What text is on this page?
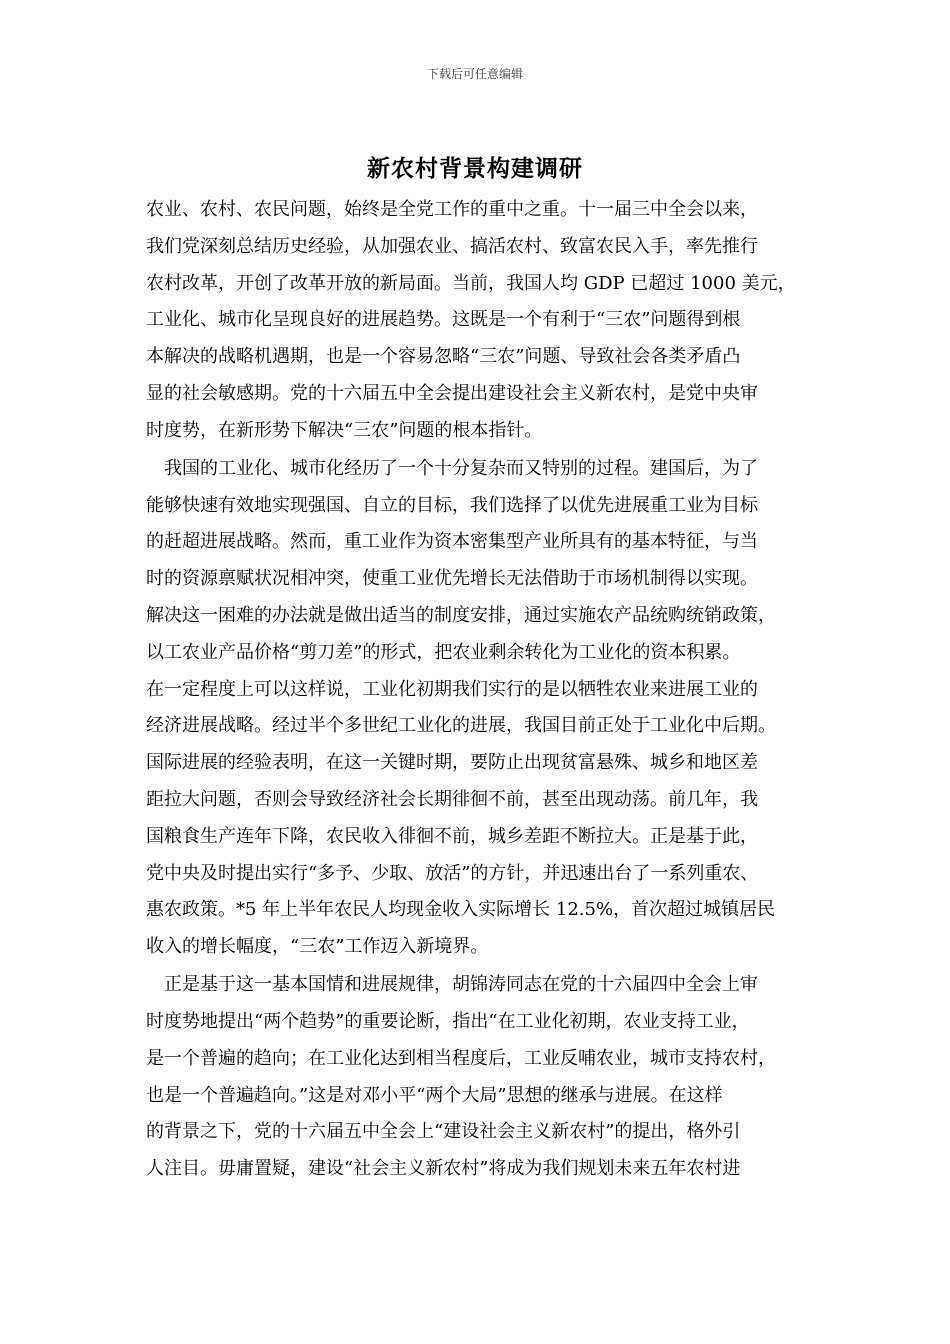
下载后可任意编辑
新农村背景构建调研
农业、农村、农民问题，始终是全党工作的重中之重。十一届三中全会以来，
我们党深刻总结历史经验，从加强农业、搞活农村、致富农民入手，率先推行
农村改革，开创了改革开放的新局面。当前，我国人均 GDP 已超过 1000 美元，
工业化、城市化呈现良好的进展趋势。这既是一个有利于“三农”问题得到根
本解决的战略机遇期，也是一个容易忽略“三农”问题、导致社会各类矛盾凸
显的社会敏感期。党的十六届五中全会提出建设社会主义新农村，是党中央审
时度势，在新形势下解决“三农”问题的根本指针。
　我国的工业化、城市化经历了一个十分复杂而又特别的过程。建国后，为了
能够快速有效地实现强国、自立的目标，我们选择了以优先进展重工业为目标
的赶超进展战略。然而，重工业作为资本密集型产业所具有的基本特征，与当
时的资源禀赋状况相冲突，使重工业优先增长无法借助于市场机制得以实现。
解决这一困难的办法就是做出适当的制度安排，通过实施农产品统购统销政策，
以工农业产品价格“剪刀差”的形式，把农业剩余转化为工业化的资本积累。
在一定程度上可以这样说，工业化初期我们实行的是以牺牲农业来进展工业的
经济进展战略。经过半个多世纪工业化的进展，我国目前正处于工业化中后期。
国际进展的经验表明，在这一关键时期，要防止出现贫富悬殊、城乡和地区差
距拉大问题，否则会导致经济社会长期徘徊不前，甚至出现动荡。前几年，我
国粮食生产连年下降，农民收入徘徊不前，城乡差距不断拉大。正是基于此，
党中央及时提出实行“多予、少取、放活”的方针，并迅速出台了一系列重农、
惠农政策。*5 年上半年农民人均现金收入实际增长 12.5%，首次超过城镇居民
收入的增长幅度，“三农”工作迈入新境界。
　正是基于这一基本国情和进展规律，胡锦涛同志在党的十六届四中全会上审
时度势地提出“两个趋势”的重要论断，指出“在工业化初期，农业支持工业，
是一个普遍的趋向；在工业化达到相当程度后，工业反哺农业，城市支持农村，
也是一个普遍趋向。”这是对邓小平“两个大局”思想的继承与进展。在这样
的背景之下，党的十六届五中全会上“建设社会主义新农村”的提出，格外引
人注目。毋庸置疑，建设“社会主义新农村”将成为我们规划未来五年农村进
